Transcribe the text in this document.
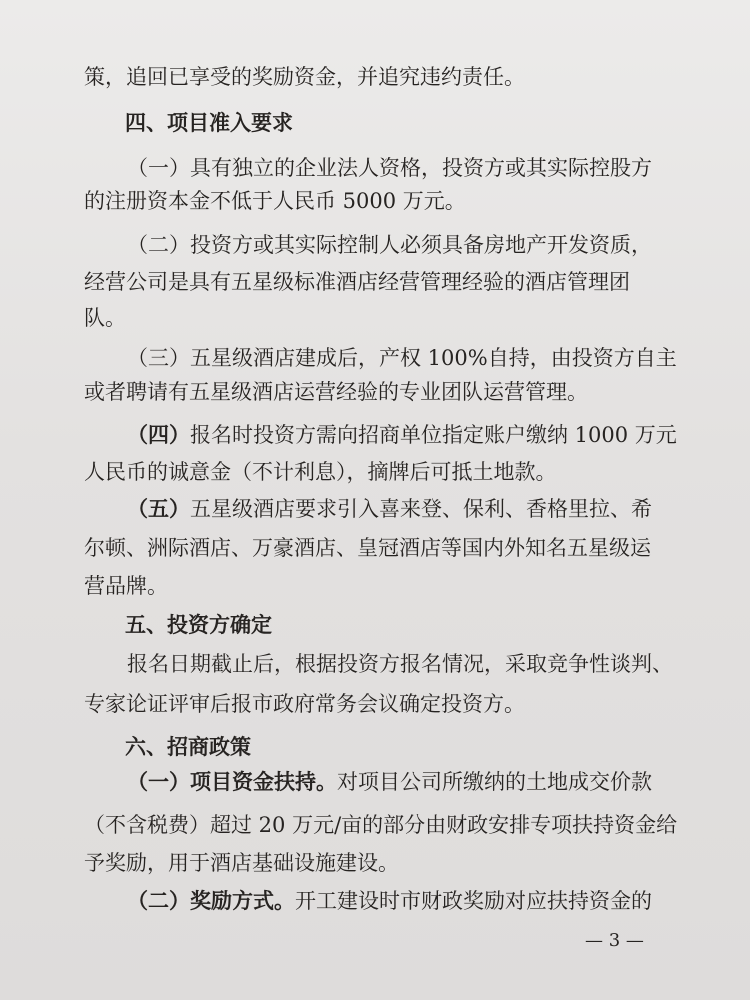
策，追回已享受的奖励资金，并追究违约责任。
四、项目准入要求
（一）具有独立的企业法人资格，投资方或其实际控股方
的注册资本金不低于人民币 5000 万元。
（二）投资方或其实际控制人必须具备房地产开发资质，
经营公司是具有五星级标准酒店经营管理经验的酒店管理团
队。
（三）五星级酒店建成后，产权 100%自持，由投资方自主
或者聘请有五星级酒店运营经验的专业团队运营管理。
（四）报名时投资方需向招商单位指定账户缴纳 1000 万元
人民币的诚意金（不计利息），摘牌后可抵土地款。
（五）五星级酒店要求引入喜来登、保利、香格里拉、希
尔顿、洲际酒店、万豪酒店、皇冠酒店等国内外知名五星级运
营品牌。
五、投资方确定
报名日期截止后，根据投资方报名情况，采取竞争性谈判、
专家论证评审后报市政府常务会议确定投资方。
六、招商政策
（一）项目资金扶持。对项目公司所缴纳的土地成交价款
（不含税费）超过 20 万元/亩的部分由财政安排专项扶持资金给
予奖励，用于酒店基础设施建设。
（二）奖励方式。开工建设时市财政奖励对应扶持资金的
— 3 —
